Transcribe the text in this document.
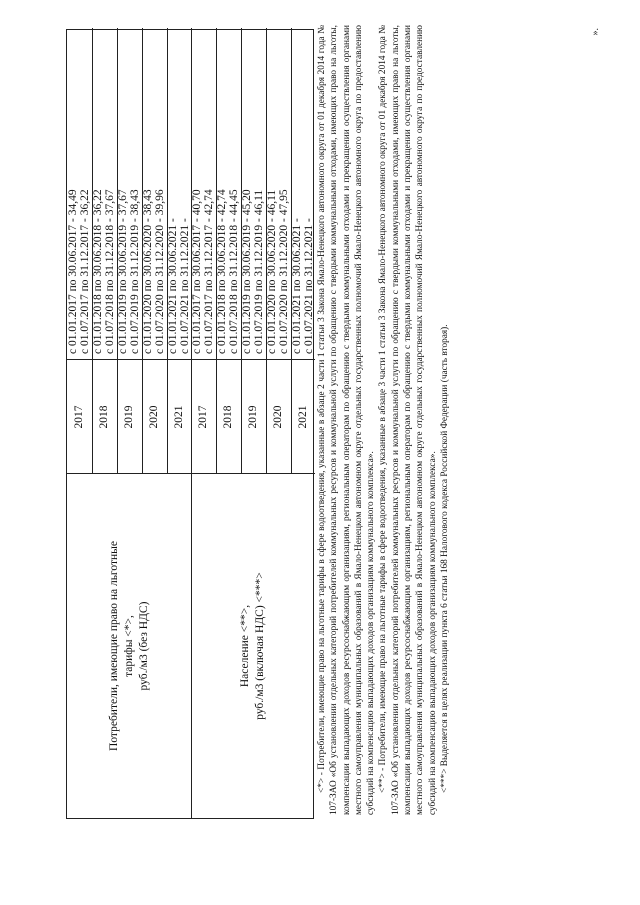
Потребители, имеющие право на льготные тарифы <*>, руб./м3 (без НДС)	Население <**>, руб./м3 (включая НДС) <***>
2017
с 01.01.2017 по 30.06.2017 - 34,49 с 01.07.2017 по 31.12.2017 - 36,22
2018
с 01.01.2018 по 30.06.2018 - 36,22 с 01.07.2018 по 31.12.2018 - 37,67
2019
с 01.01.2019 по 30.06.2019 - 37,67 с 01.07.2019 по 31.12.2019 - 38,43
2020
с 01.01.2020 по 30.06.2020 - 38,43 с 01.07.2020 по 31.12.2020 - 39,96
2021
с 01.01.2021 по 30.06.2021 - с 01.07.2021 по 31.12.2021 -
2017
с 01.01.2017 по 30.06.2017 - 40,70 с 01.07.2017 по 31.12.2017 - 42,74
2018
с 01.01.2018 по 30.06.2018 - 42,74 с 01.07.2018 по 31.12.2018 - 44,45
2019
с 01.01.2019 по 30.06.2019 - 45,20 с 01.07.2019 по 31.12.2019 - 46,11
2020
с 01.01.2020 по 30.06.2020 - 46,11 с 01.07.2020 по 31.12.2020 - 47,95
2021
с 01.01.2021 по 30.06.2021 - с 01.07.2021 по 31.12.2021 - <*> - Потребители, имеющие право на льготные тарифы в сфере водоотведения, указанные в абзаце 2 части 1 статьи 3 Закона Ямало-Ненецкого автономного округа от 01 декабря 2014 года № 107-ЗАО «Об установлении отдельных категорий потребителей коммунальных ресурсов и коммунальной услуги по обращению с твердыми коммунальными отходами, имеющих право на льготы, компенсации выпадающих доходов ресурсоснабжающим организациям, региональным операторам по обращению с твердыми коммунальными отходами и прекращении осуществления органами местного самоуправления муниципальных образований в Ямало-Ненецком автономном округе отдельных государственных полномочий Ямало-Ненецкого автономного округа по предоставлению субсидий на компенсацию выпадающих доходов организациям коммунального комплекса». <**> - Потребители, имеющие право на льготные тарифы в сфере водоотведения, указанные в абзаце 3 части 1 статьи 3 Закона Ямало-Ненецкого автономного округа от 01 декабря 2014 года № 107-ЗАО «Об установлении отдельных категорий потребителей коммунальных ресурсов и коммунальной услуги по обращению с твердыми коммунальными отходами, имеющих право на льготы, компенсации выпадающих доходов ресурсоснабжающим организациям, региональным операторам по обращению с твердыми коммунальными отходами и прекращении осуществления органами местного самоуправления муниципальных образований в Ямало-Ненецком автономном округе отдельных государственных полномочий Ямало-Ненецкого автономного округа по предоставлению субсидий на компенсацию выпадающих доходов организациям коммунального комплекса». <***> Выделяется в целях реализации пункта 6 статьи 168 Налогового кодекса Российской Федерации (часть вторая).

».
